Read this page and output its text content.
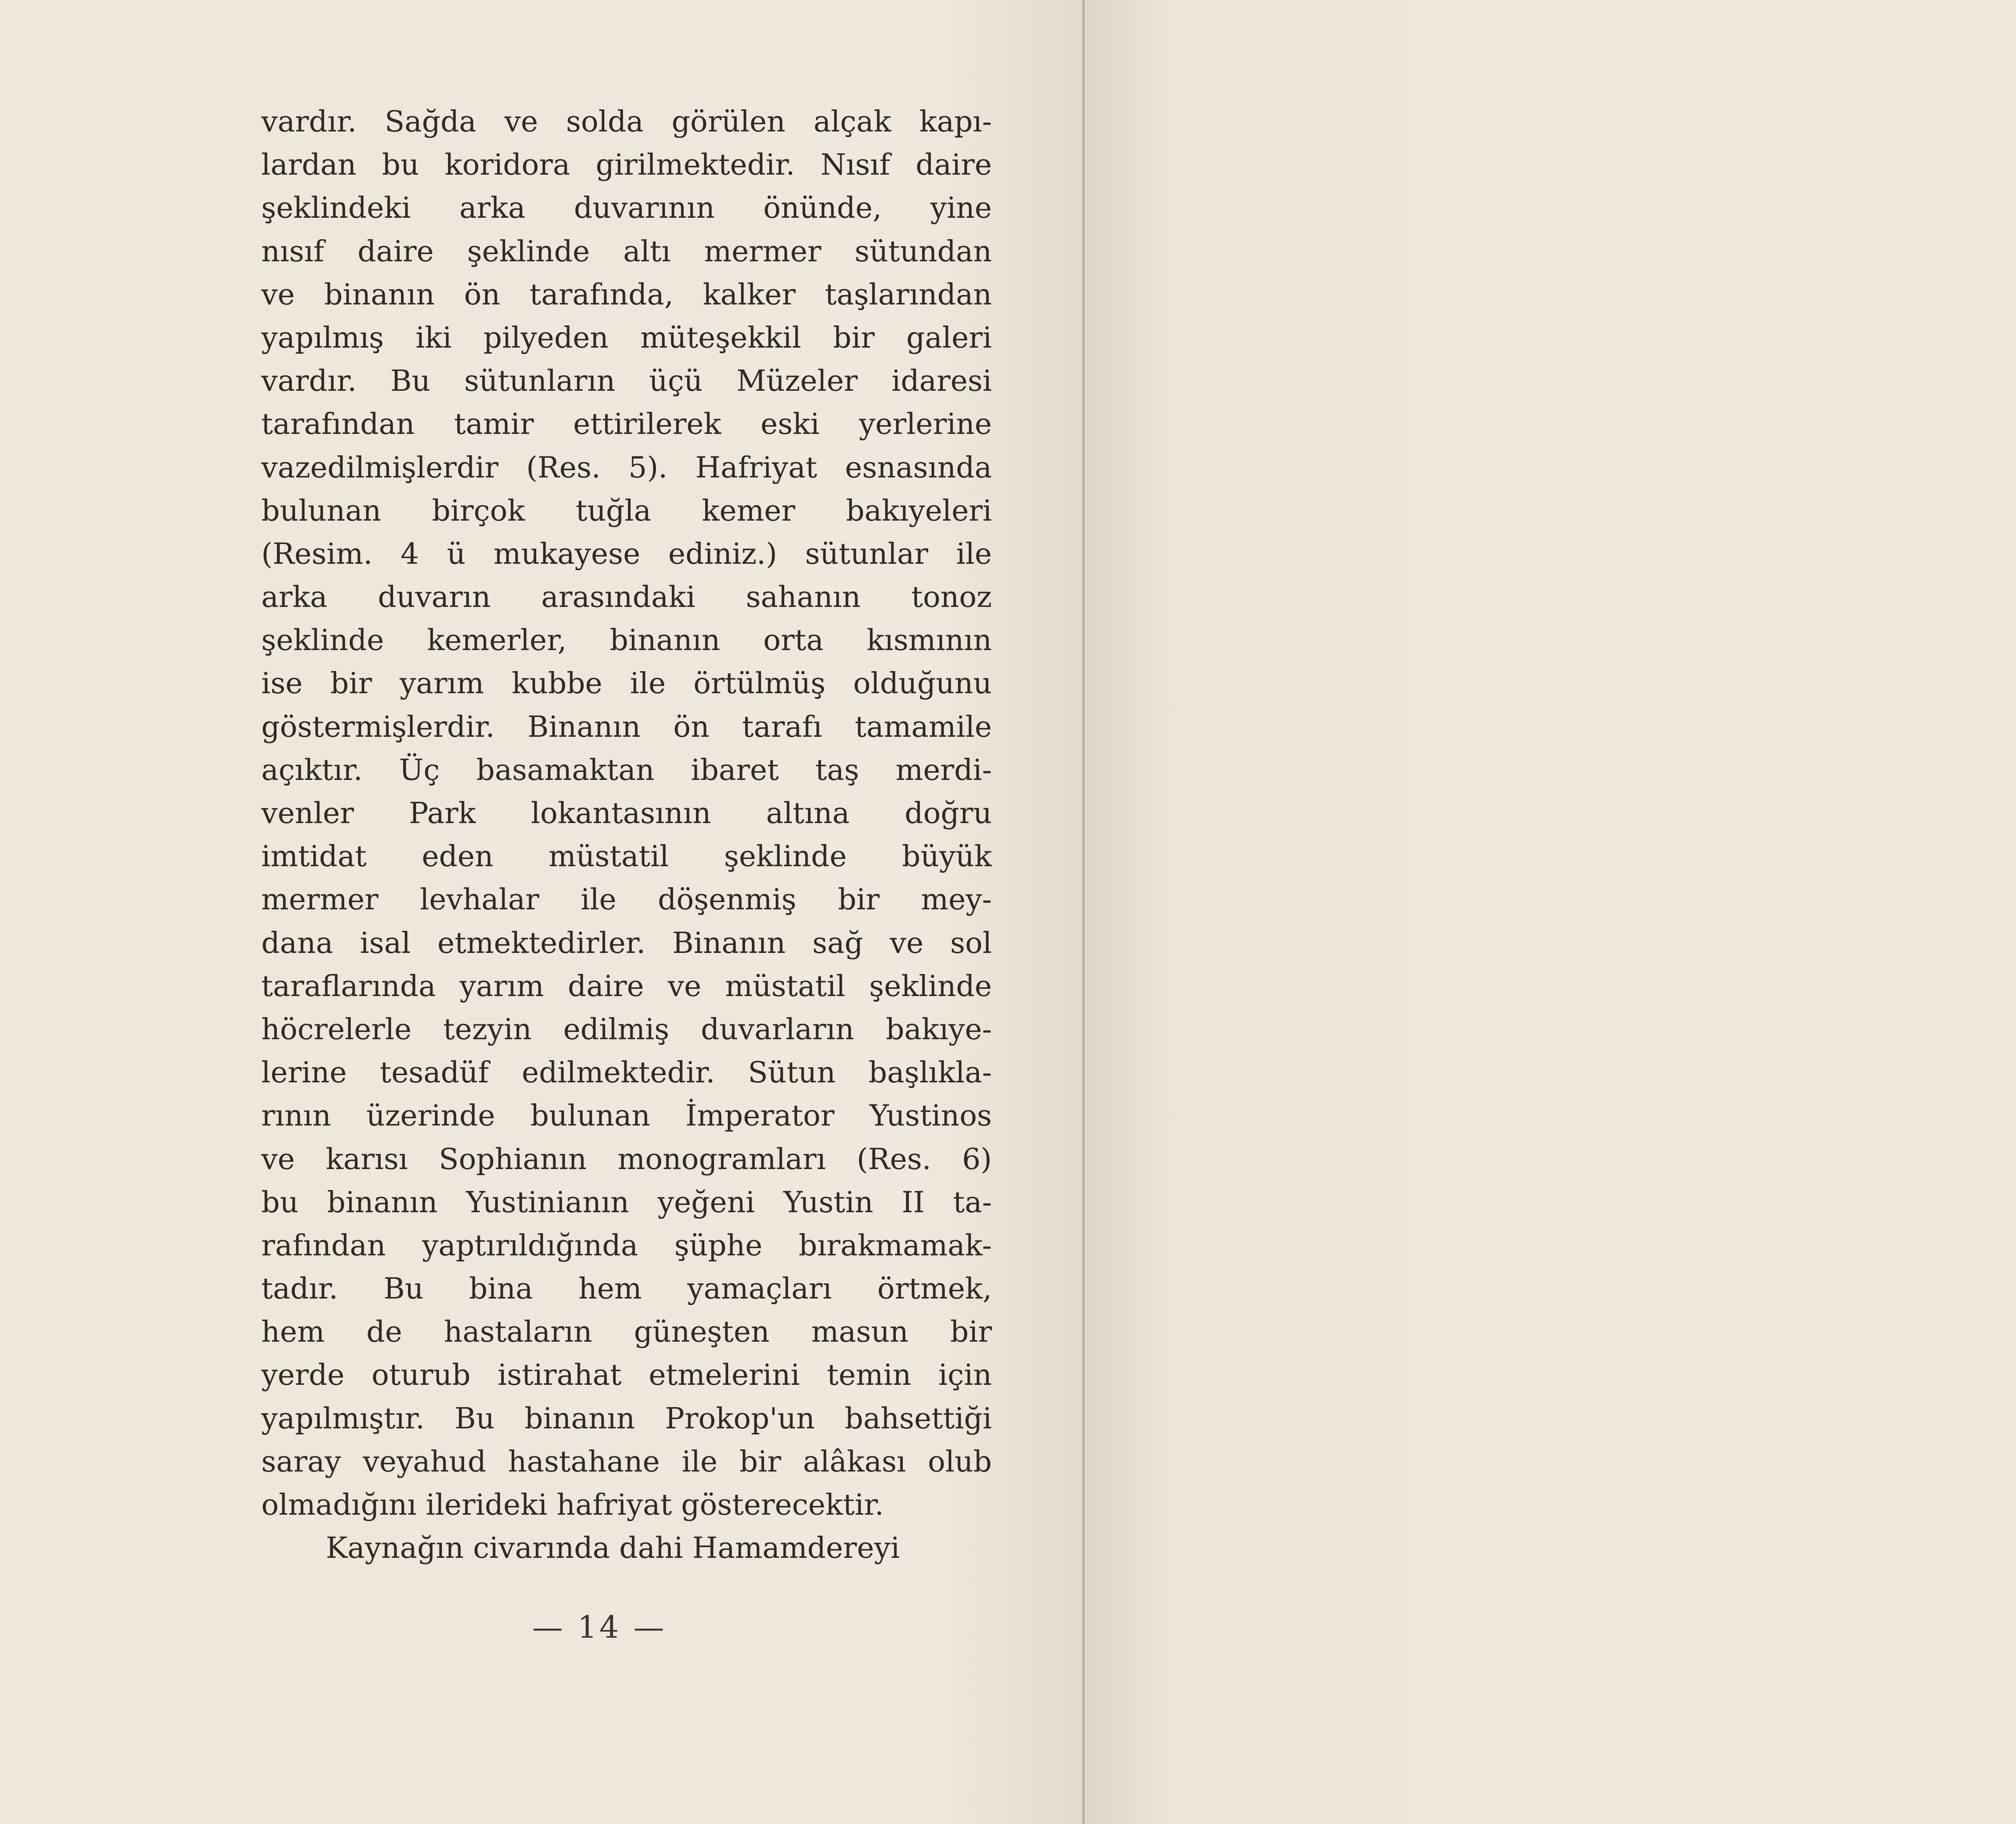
vardır. Sağda ve solda görülen alçak kapı-
lardan bu koridora girilmektedir. Nısıf daire
şeklindeki arka duvarının önünde, yine
nısıf daire şeklinde altı mermer sütundan
ve binanın ön tarafında, kalker taşlarından
yapılmış iki pilyeden müteşekkil bir galeri
vardır. Bu sütunların üçü Müzeler idaresi
tarafından tamir ettirilerek eski yerlerine
vazedilmişlerdir (Res. 5). Hafriyat esnasında
bulunan birçok tuğla kemer bakıyeleri
(Resim. 4 ü mukayese ediniz.) sütunlar ile
arka duvarın arasındaki sahanın tonoz
şeklinde kemerler, binanın orta kısmının
ise bir yarım kubbe ile örtülmüş olduğunu
göstermişlerdir. Binanın ön tarafı tamamile
açıktır. Üç basamaktan ibaret taş merdi-
venler Park lokantasının altına doğru
imtidat eden müstatil şeklinde büyük
mermer levhalar ile döşenmiş bir mey-
dana isal etmektedirler. Binanın sağ ve sol
taraflarında yarım daire ve müstatil şeklinde
höcrelerle tezyin edilmiş duvarların bakıye-
lerine tesadüf edilmektedir. Sütun başlıkla-
rının üzerinde bulunan İmperator Yustinos
ve karısı Sophianın monogramları (Res. 6)
bu binanın Yustinianın yeğeni Yustin II ta-
rafından yaptırıldığında şüphe bırakmamak-
tadır. Bu bina hem yamaçları örtmek,
hem de hastaların güneşten masun bir
yerde oturub istirahat etmelerini temin için
yapılmıştır. Bu binanın Prokop'un bahsettiği
saray veyahud hastahane ile bir alâkası olub
olmadığını ilerideki hafriyat gösterecektir.
Kaynağın civarında dahi Hamamdereyi
— 14 —
